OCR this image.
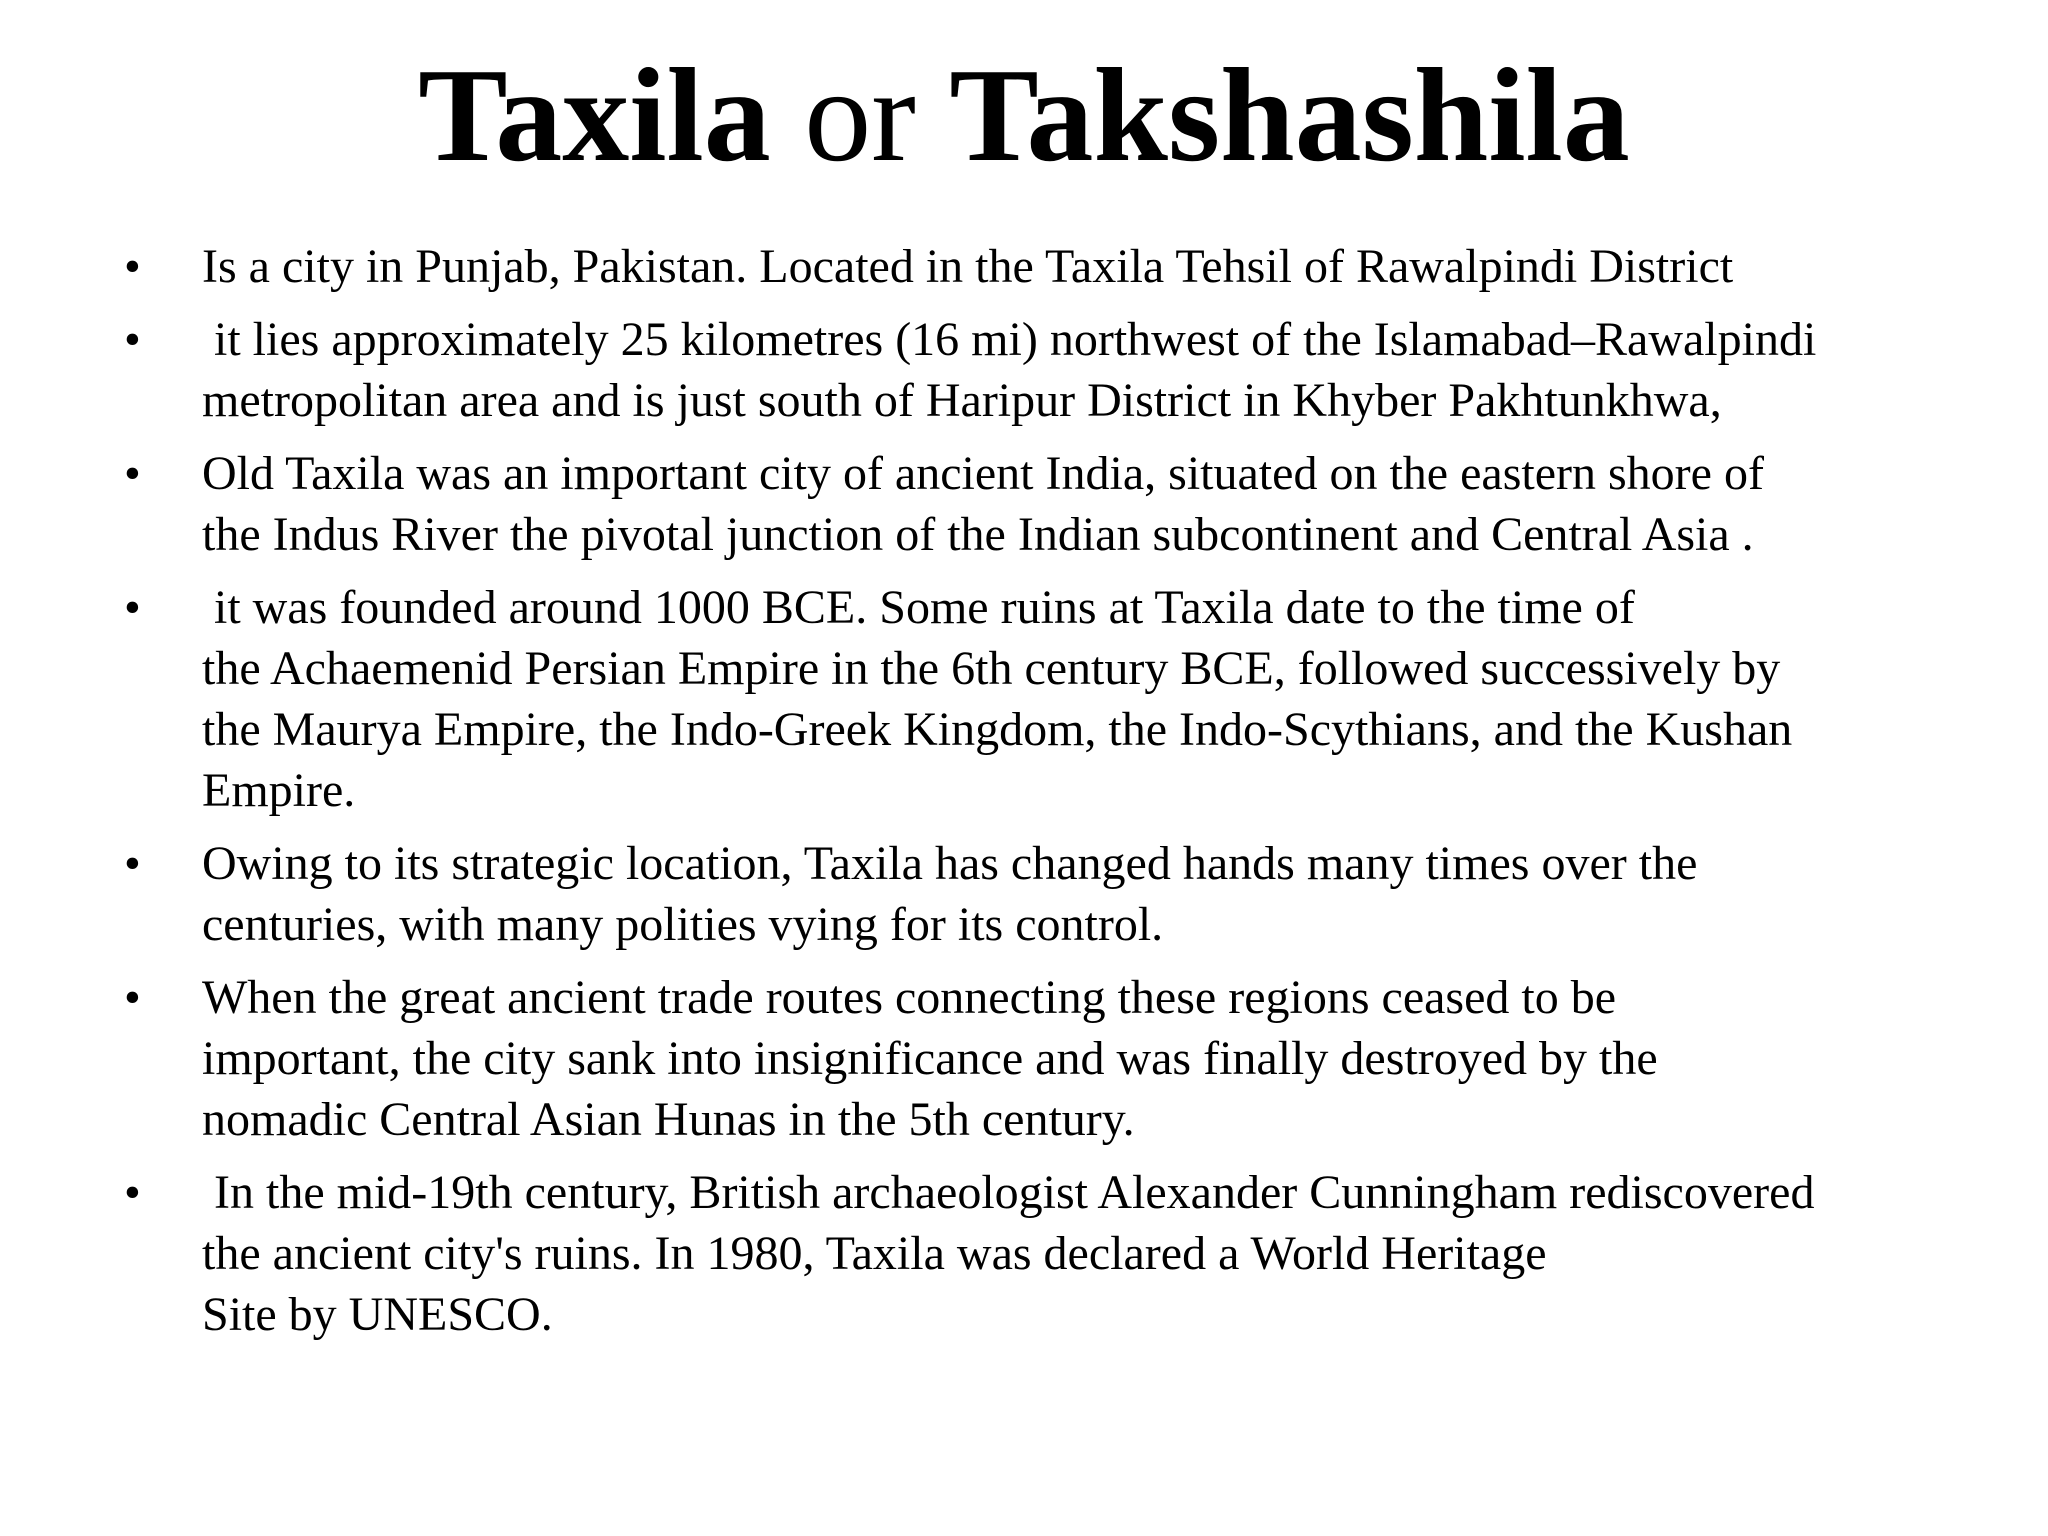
Taxila or Takshashila
•	Is a city in Punjab, Pakistan. Located in the Taxila Tehsil of Rawalpindi District
•	it lies approximately 25 kilometres (16 mi) northwest of the Islamabad–Rawalpindi
metropolitan area and is just south of Haripur District in Khyber Pakhtunkhwa,
•	Old Taxila was an important city of ancient India, situated on the eastern shore of
the Indus River the pivotal junction of the Indian subcontinent and Central Asia .
•	it was founded around 1000 BCE. Some ruins at Taxila date to the time of
the Achaemenid Persian Empire in the 6th century BCE, followed successively by
the Maurya Empire, the Indo-Greek Kingdom, the Indo-Scythians, and the Kushan
Empire.
•	Owing to its strategic location, Taxila has changed hands many times over the
centuries, with many polities vying for its control.
•	When the great ancient trade routes connecting these regions ceased to be
important, the city sank into insignificance and was finally destroyed by the
nomadic Central Asian Hunas in the 5th century.
•	In the mid-19th century, British archaeologist Alexander Cunningham rediscovered
the ancient city's ruins. In 1980, Taxila was declared a World Heritage
Site by UNESCO.
